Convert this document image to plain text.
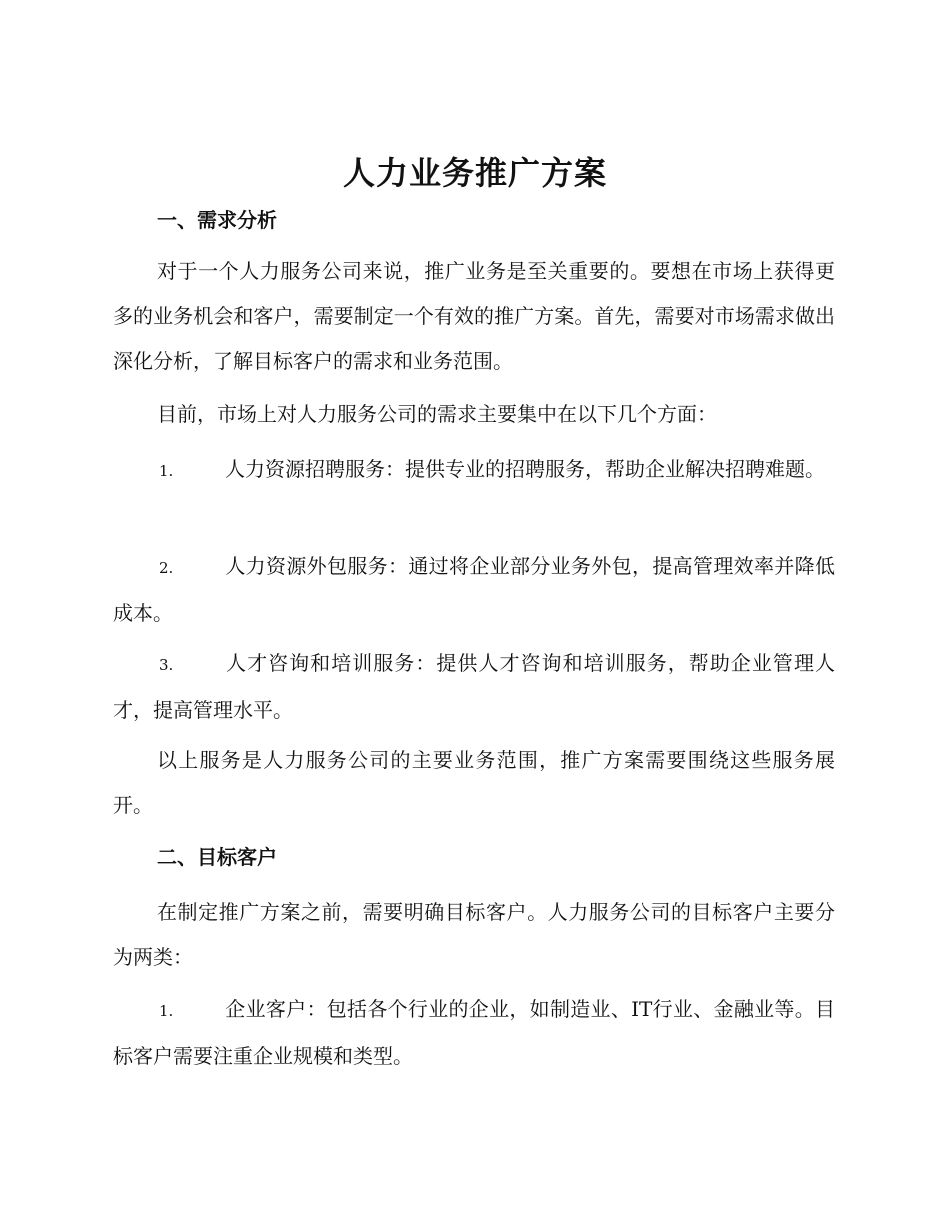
人力业务推广方案
一、需求分析

对于一个人力服务公司来说，推广业务是至关重要的。要想在市场上获得更多的业务机会和客户，需要制定一个有效的推广方案。首先，需要对市场需求做出深化分析，了解目标客户的需求和业务范围。

目前，市场上对人力服务公司的需求主要集中在以下几个方面：

1.	人力资源招聘服务：提供专业的招聘服务，帮助企业解决招聘难题。

2.	人力资源外包服务：通过将企业部分业务外包，提高管理效率并降低成本。

3.	人才咨询和培训服务：提供人才咨询和培训服务，帮助企业管理人才，提高管理水平。

以上服务是人力服务公司的主要业务范围，推广方案需要围绕这些服务展开。

二、目标客户

在制定推广方案之前，需要明确目标客户。人力服务公司的目标客户主要分为两类：

1.	企业客户：包括各个行业的企业，如制造业、IT行业、金融业等。目标客户需要注重企业规模和类型。
